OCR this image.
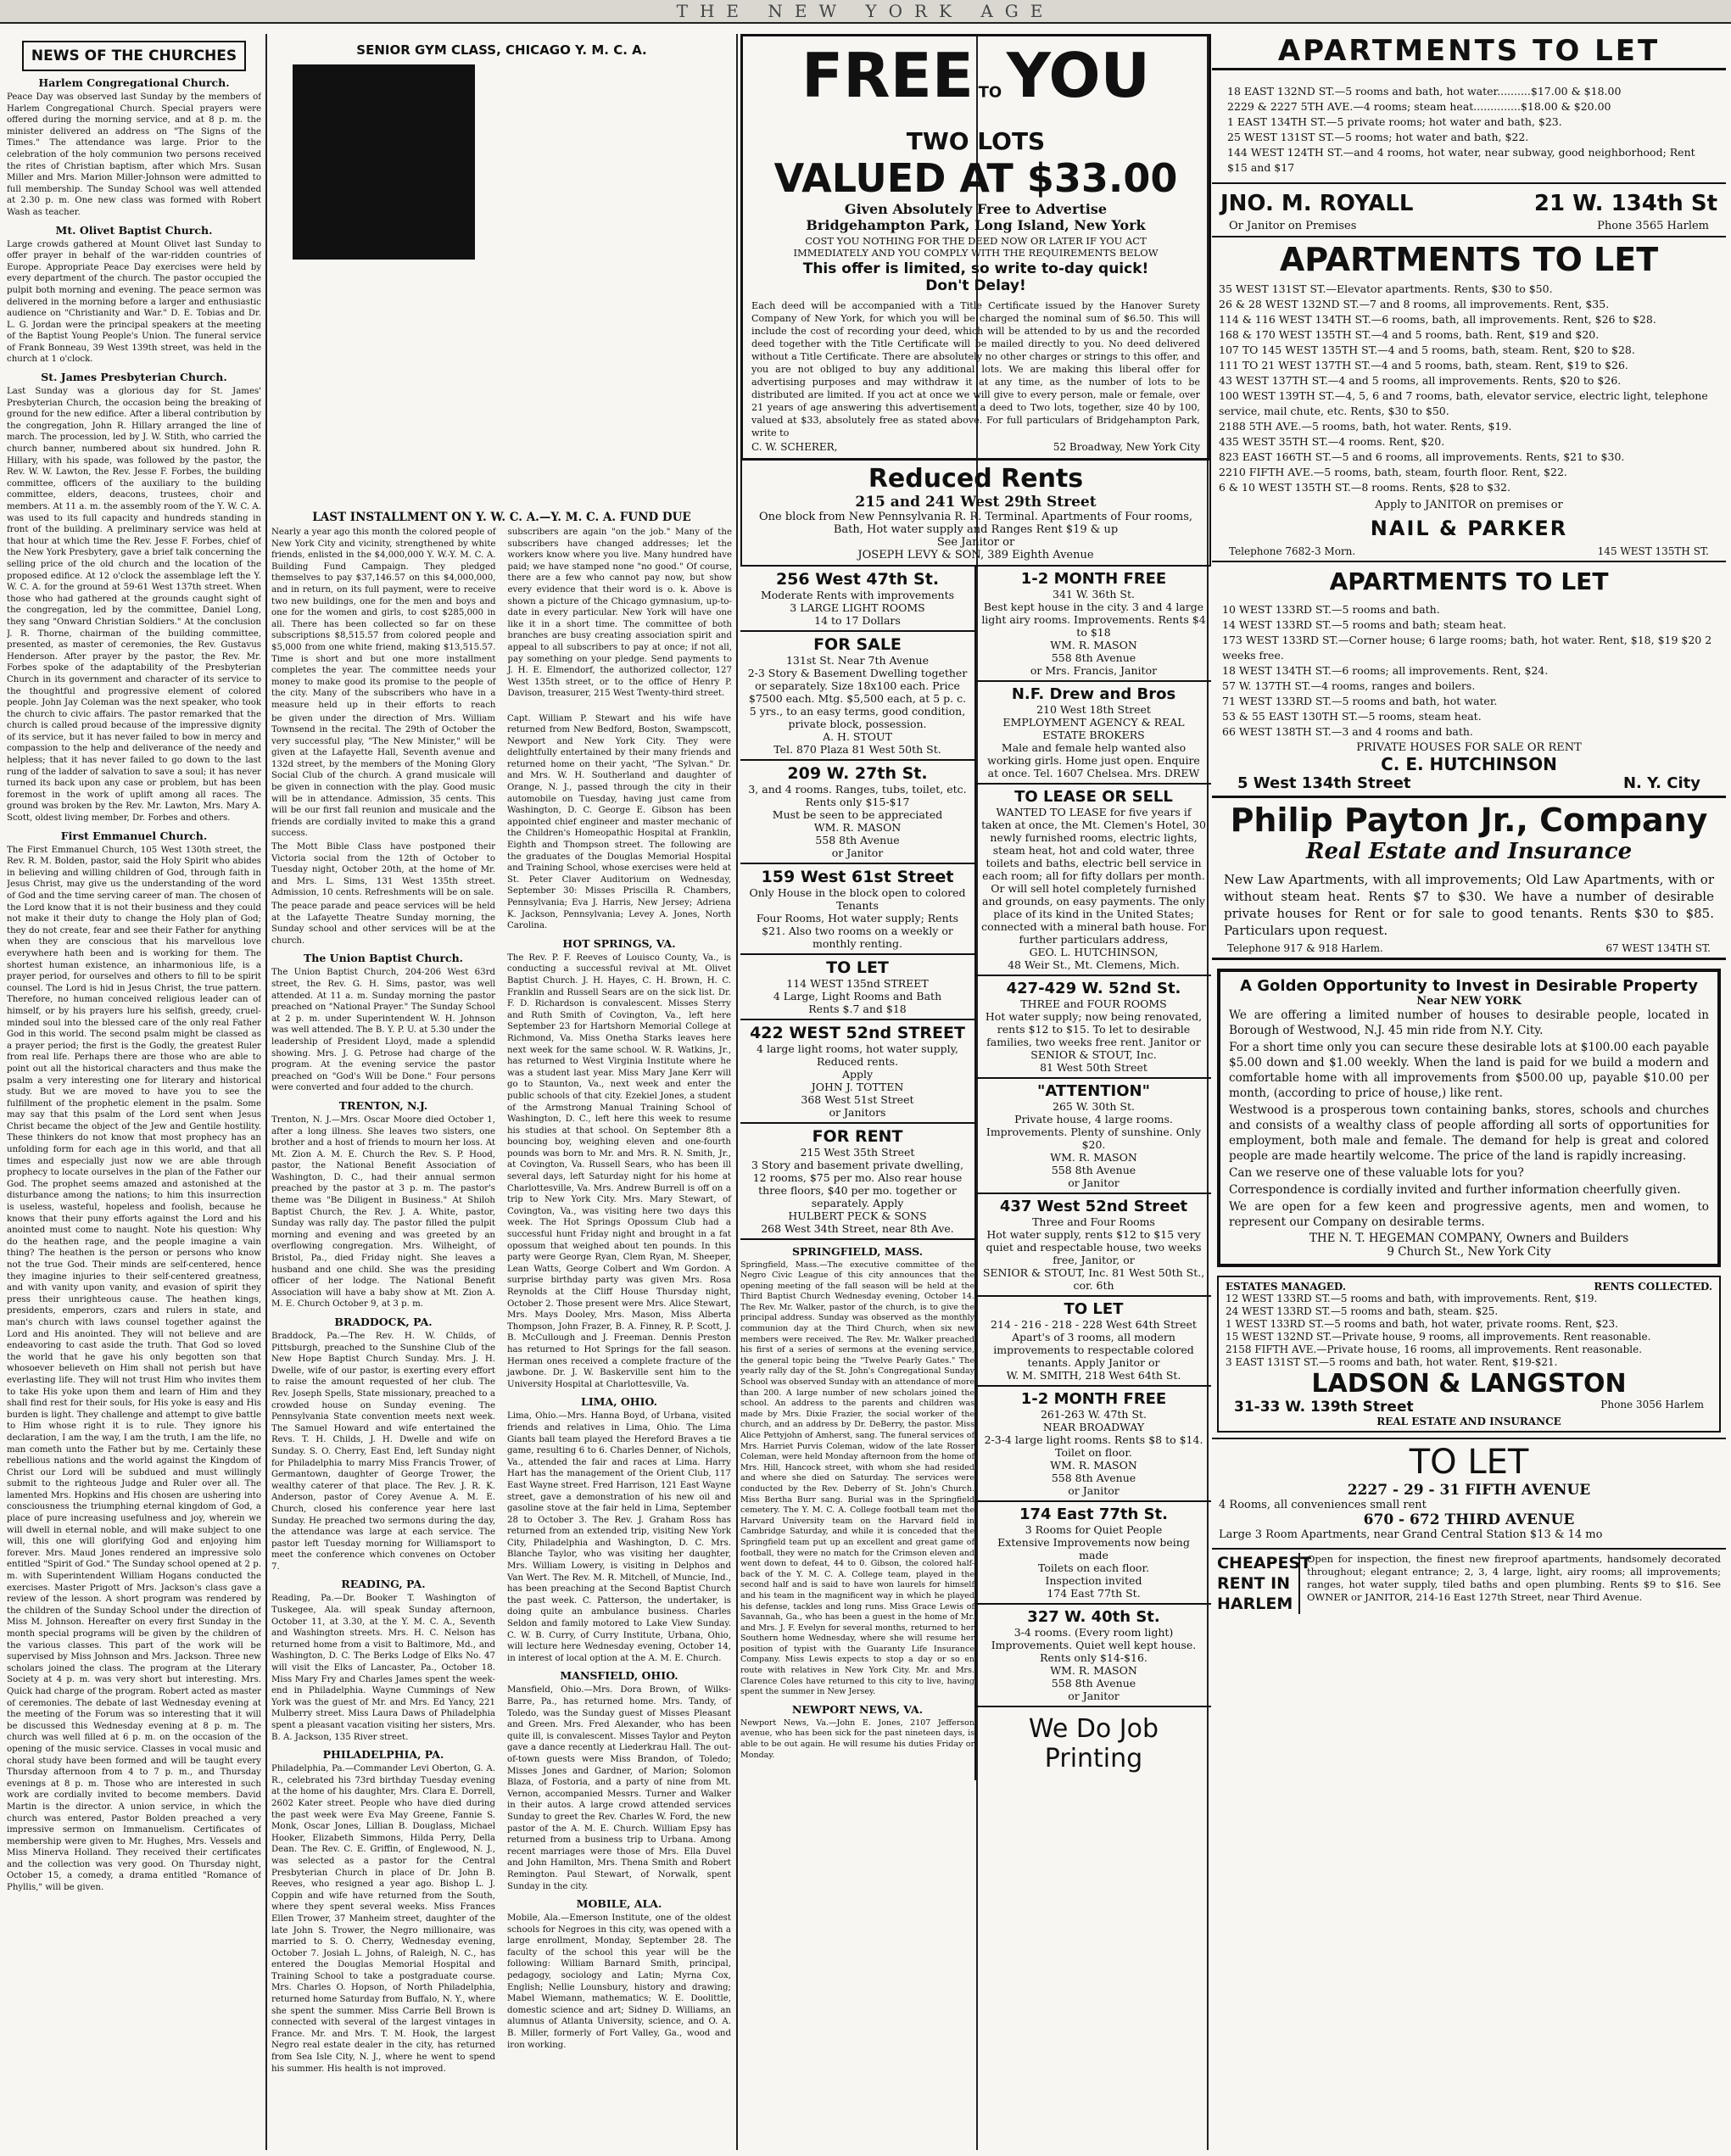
THE NEW YORK AGE
NEWS OF THE CHURCHES
Harlem Congregational Church.

Peace Day was observed last Sunday by the members of Harlem Congregational Church. Special prayers were offered during the morning service, and at 8 p. m. the minister delivered an address on "The Signs of the Times." The attendance was large. Prior to the celebration of the holy communion two persons received the rites of Christian baptism, after which Mrs. Susan Miller and Mrs. Marion Miller-Johnson were admitted to full membership. The Sunday School was well attended at 2.30 p. m. One new class was formed with Robert Wash as teacher.

Mt. Olivet Baptist Church.

Large crowds gathered at Mount Olivet last Sunday to offer prayer in behalf of the war-ridden countries of Europe. Appropriate Peace Day exercises were held by every department of the church. The pastor occupied the pulpit both morning and evening. The peace sermon was delivered in the morning before a larger and enthusiastic audience on "Christianity and War." D. E. Tobias and Dr. L. G. Jordan were the principal speakers at the meeting of the Baptist Young People's Union. The funeral service of Frank Bonneau, 39 West 139th street, was held in the church at 1 o'clock.

St. James Presbyterian Church.

Last Sunday was a glorious day for St. James' Presbyterian Church, the occasion being the breaking of ground for the new edifice. After a liberal contribution by the congregation, John R. Hillary arranged the line of march. The procession, led by J. W. Stith, who carried the church banner, numbered about six hundred. John R. Hillary, with his spade, was followed by the pastor, the Rev. W. W. Lawton, the Rev. Jesse F. Forbes, the building committee, officers of the auxiliary to the building committee, elders, deacons, trustees, choir and members. At 11 a. m. the assembly room of the Y. W. C. A. was used to its full capacity and hundreds standing in front of the building. A preliminary service was held at that hour at which time the Rev. Jesse F. Forbes, chief of the New York Presbytery, gave a brief talk concerning the selling price of the old church and the location of the proposed edifice. At 12 o'clock the assemblage left the Y. W. C. A. for the ground at 59-61 West 137th street. When those who had gathered at the grounds caught sight of the congregation, led by the committee, Daniel Long, they sang "Onward Christian Soldiers." At the conclusion J. R. Thorne, chairman of the building committee, presented, as master of ceremonies, the Rev. Gustavus Henderson. After prayer by the pastor, the Rev. Mr. Forbes spoke of the adaptability of the Presbyterian Church in its government and character of its service to the thoughtful and progressive element of colored people. John Jay Coleman was the next speaker, who took the church to civic affairs. The pastor remarked that the church is called proud because of the impressive dignity of its service, but it has never failed to bow in mercy and compassion to the help and deliverance of the needy and helpless; that it has never failed to go down to the last rung of the ladder of salvation to save a soul; it has never turned its back upon any case or problem, but has been foremost in the work of uplift among all races. The ground was broken by the Rev. Mr. Lawton, Mrs. Mary A. Scott, oldest living member, Dr. Forbes and others.

First Emmanuel Church.

The First Emmanuel Church, 105 West 130th street, the Rev. R. M. Bolden, pastor, said the Holy Spirit who abides in believing and willing children of God, through faith in Jesus Christ, may give us the understanding of the word of God and the time serving career of man. The chosen of the Lord know that it is not their business and they could not make it their duty to change the Holy plan of God; they do not create, fear and see their Father for anything when they are conscious that his marvellous love everywhere hath been and is working for them. The shortest human existence, an inharmonious life, is a prayer period, for ourselves and others to fill to be spirit counsel. The Lord is hid in Jesus Christ, the true pattern. Therefore, no human conceived religious leader can of himself, or by his prayers lure his selfish, greedy, cruel-minded soul into the blessed care of the only real Father God in this world. The second psalm might be classed as a prayer period; the first is the Godly, the greatest Ruler from real life. Perhaps there are those who are able to point out all the historical characters and thus make the psalm a very interesting one for literary and historical study. But we are moved to have you to see the fulfillment of the prophetic element in the psalm. Some may say that this psalm of the Lord sent when Jesus Christ became the object of the Jew and Gentile hostility. These thinkers do not know that most prophecy has an unfolding form for each age in this world, and that all times and especially just now we are able through prophecy to locate ourselves in the plan of the Father our God. The prophet seems amazed and astonished at the disturbance among the nations; to him this insurrection is useless, wasteful, hopeless and foolish, because he knows that their puny efforts against the Lord and his anointed must come to naught. Note his question: Why do the heathen rage, and the people imagine a vain thing? The heathen is the person or persons who know not the true God. Their minds are self-centered, hence they imagine injuries to their self-centered greatness, and with vanity upon vanity, and evasion of spirit they press their unrighteous cause. The heathen kings, presidents, emperors, czars and rulers in state, and man's church with laws counsel together against the Lord and His anointed. They will not believe and are endeavoring to cast aside the truth. That God so loved the world that he gave his only begotten son that whosoever believeth on Him shall not perish but have everlasting life. They will not trust Him who invites them to take His yoke upon them and learn of Him and they shall find rest for their souls, for His yoke is easy and His burden is light. They challenge and attempt to give battle to Him whose right it is to rule. They ignore his declaration, I am the way, I am the truth, I am the life, no man cometh unto the Father but by me. Certainly these rebellious nations and the world against the Kingdom of Christ our Lord will be subdued and must willingly submit to the righteous Judge and Ruler over all. The lamented Mrs. Hopkins and His chosen are ushering into consciousness the triumphing eternal kingdom of God, a place of pure increasing usefulness and joy, wherein we will dwell in eternal noble, and will make subject to one will, this one will glorifying God and enjoying him forever. Mrs. Maud Jones rendered an impressive solo entitled "Spirit of God." The Sunday school opened at 2 p. m. with Superintendent William Hogans conducted the exercises. Master Prigott of Mrs. Jackson's class gave a review of the lesson. A short program was rendered by the children of the Sunday School under the direction of Miss M. Johnson. Hereafter on every first Sunday in the month special programs will be given by the children of the various classes. This part of the work will be supervised by Miss Johnson and Mrs. Jackson. Three new scholars joined the class. The program at the Literary Society at 4 p. m. was very short but interesting. Mrs. Quick had charge of the program. Robert acted as master of ceremonies. The debate of last Wednesday evening at the meeting of the Forum was so interesting that it will be discussed this Wednesday evening at 8 p. m. The church was well filled at 6 p. m. on the occasion of the opening of the music service. Classes in vocal music and choral study have been formed and will be taught every Thursday afternoon from 4 to 7 p. m., and Thursday evenings at 8 p. m. Those who are interested in such work are cordially invited to become members. David Martin is the director. A union service, in which the church was entered, Pastor Bolden preached a very impressive sermon on Immanuelism. Certificates of membership were given to Mr. Hughes, Mrs. Vessels and Miss Minerva Holland. They received their certificates and the collection was very good. On Thursday night, October 15, a comedy, a drama entitled "Romance of Phyllis," will be given.

SENIOR GYM CLASS, CHICAGO Y. M. C. A.
LAST INSTALLMENT ON Y. W. C. A.—Y. M. C. A. FUND DUE

Nearly a year ago this month the colored people of New York City and vicinity, strengthened by white friends, enlisted in the $4,000,000 Y. W.-Y. M. C. A. Building Fund Campaign. They pledged themselves to pay $37,146.57 on this $4,000,000, and in return, on its full payment, were to receive two new buildings, one for the men and boys and one for the women and girls, to cost $285,000 in all. There has been collected so far on these subscriptions $8,515.57 from colored people and $5,000 from one white friend, making $13,515.57. Time is short and but one more installment completes the year. The committee needs your money to make good its promise to the people of the city. Many of the subscribers who have in a measure held up in their efforts to reach subscribers are again "on the job." Many of the subscribers have changed addresses; let the workers know where you live. Many hundred have paid; we have stamped none "no good." Of course, there are a few who cannot pay now, but show every evidence that their word is o. k. Above is shown a picture of the Chicago gymnasium, up-to-date in every particular. New York will have one like it in a short time. The committee of both branches are busy creating association spirit and appeal to all subscribers to pay at once; if not all, pay something on your pledge. Send payments to J. H. E. Elmendorf, the authorized collector, 127 West 135th street, or to the office of Henry P. Davison, treasurer, 215 West Twenty-third street.

be given under the direction of Mrs. William Townsend in the recital. The 29th of October the very successful play, "The New Minister," will be given at the Lafayette Hall, Seventh avenue and 132d street, by the members of the Moning Glory Social Club of the church. A grand musicale will be given in connection with the play. Good music will be in attendance. Admission, 35 cents. This will be our first fall reunion and musicale and the friends are cordially invited to make this a grand success.

The Mott Bible Class have postponed their Victoria social from the 12th of October to Tuesday night, October 20th, at the home of Mr. and Mrs. L. Sims, 131 West 135th street. Admission, 10 cents. Refreshments will be on sale.

The peace parade and peace services will be held at the Lafayette Theatre Sunday morning, the Sunday school and other services will be at the church.

The Union Baptist Church.

The Union Baptist Church, 204-206 West 63rd street, the Rev. G. H. Sims, pastor, was well attended. At 11 a. m. Sunday morning the pastor preached on "National Prayer." The Sunday School at 2 p. m. under Superintendent W. H. Johnson was well attended. The B. Y. P. U. at 5.30 under the leadership of President Lloyd, made a splendid showing. Mrs. J. G. Petrose had charge of the program. At the evening service the pastor preached on "God's Will be Done." Four persons were converted and four added to the church.

TRENTON, N.J.

Trenton, N. J.—Mrs. Oscar Moore died October 1, after a long illness. She leaves two sisters, one brother and a host of friends to mourn her loss. At Mt. Zion A. M. E. Church the Rev. S. P. Hood, pastor, the National Benefit Association of Washington, D. C., had their annual sermon preached by the pastor at 3 p. m. The pastor's theme was "Be Diligent in Business." At Shiloh Baptist Church, the Rev. J. A. White, pastor, Sunday was rally day. The pastor filled the pulpit morning and evening and was greeted by an overflowing congregation. Mrs. Wilheight, of Bristol, Pa., died Friday night. She leaves a husband and one child. She was the presiding officer of her lodge. The National Benefit Association will have a baby show at Mt. Zion A. M. E. Church October 9, at 3 p. m.

BRADDOCK, PA.

Braddock, Pa.—The Rev. H. W. Childs, of Pittsburgh, preached to the Sunshine Club of the New Hope Baptist Church Sunday. Mrs. J. H. Dwelle, wife of our pastor, is exerting every effort to raise the amount requested of her club. The Rev. Joseph Spells, State missionary, preached to a crowded house on Sunday evening. The Pennsylvania State convention meets next week. The Samuel Howard and wife entertained the Revs. T. H. Childs, J. H. Dwelle and wife on Sunday. S. O. Cherry, East End, left Sunday night for Philadelphia to marry Miss Francis Trower, of Germantown, daughter of George Trower, the wealthy caterer of that place. The Rev. J. R. K. Anderson, pastor of Corey Avenue A. M. E. Church, closed his conference year here last Sunday. He preached two sermons during the day, the attendance was large at each service. The pastor left Tuesday morning for Williamsport to meet the conference which convenes on October 7.

READING, PA.

Reading, Pa.—Dr. Booker T. Washington of Tuskegee, Ala. will speak Sunday afternoon, October 11, at 3.30, at the Y. M. C. A., Seventh and Washington streets. Mrs. H. C. Nelson has returned home from a visit to Baltimore, Md., and Washington, D. C. The Berks Lodge of Elks No. 47 will visit the Elks of Lancaster, Pa., October 18. Miss Mary Fry and Charles James spent the week-end in Philadelphia. Wayne Cummings of New York was the guest of Mr. and Mrs. Ed Yancy, 221 Mulberry street. Miss Laura Daws of Philadelphia spent a pleasant vacation visiting her sisters, Mrs. B. A. Jackson, 135 River street.

PHILADELPHIA, PA.

Philadelphia, Pa.—Commander Levi Oberton, G. A. R., celebrated his 73rd birthday Tuesday evening at the home of his daughter, Mrs. Clara E. Dorrell, 2602 Kater street. People who have died during the past week were Eva May Greene, Fannie S. Monk, Oscar Jones, Lillian B. Douglass, Michael Hooker, Elizabeth Simmons, Hilda Perry, Della Dean. The Rev. C. E. Griffin, of Englewood, N. J., was selected as a pastor for the Central Presbyterian Church in place of Dr. John B. Reeves, who resigned a year ago. Bishop L. J. Coppin and wife have returned from the South, where they spent several weeks. Miss Frances Ellen Trower, 37 Manheim street, daughter of the late John S. Trower, the Negro millionaire, was married to S. O. Cherry, Wednesday evening, October 7. Josiah L. Johns, of Raleigh, N. C., has entered the Douglas Memorial Hospital and Training School to take a postgraduate course. Mrs. Charles O. Hopson, of North Philadelphia, returned home Saturday from Buffalo, N. Y., where she spent the summer. Miss Carrie Bell Brown is connected with several of the largest vintages in France. Mr. and Mrs. T. M. Hook, the largest Negro real estate dealer in the city, has returned from Sea Isle City, N. J., where he went to spend his summer. His health is not improved.

Capt. William P. Stewart and his wife have returned from New Bedford, Boston, Swampscott, Newport and New York City. They were delightfully entertained by their many friends and returned home on their yacht, "The Sylvan." Dr. and Mrs. W. H. Southerland and daughter of Orange, N. J., passed through the city in their automobile on Tuesday, having just came from Washington, D. C. George E. Gibson has been appointed chief engineer and master mechanic of the Children's Homeopathic Hospital at Franklin, Eighth and Thompson street. The following are the graduates of the Douglas Memorial Hospital and Training School, whose exercises were held at St. Peter Claver Auditorium on Wednesday, September 30: Misses Priscilla R. Chambers, Pennsylvania; Eva J. Harris, New Jersey; Adriena K. Jackson, Pennsylvania; Levey A. Jones, North Carolina.

HOT SPRINGS, VA.

The Rev. P. F. Reeves of Louisco County, Va., is conducting a successful revival at Mt. Olivet Baptist Church. J. H. Hayes, C. H. Brown, H. C. Franklin and Russell Sears are on the sick list. Dr. F. D. Richardson is convalescent. Misses Sterry and Ruth Smith of Covington, Va., left here September 23 for Hartshorn Memorial College at Richmond, Va. Miss Onetha Starks leaves here next week for the same school. W. R. Watkins, Jr., has returned to West Virginia Institute where he was a student last year. Miss Mary Jane Kerr will go to Staunton, Va., next week and enter the public schools of that city. Ezekiel Jones, a student of the Armstrong Manual Training School of Washington, D. C., left here this week to resume his studies at that school. On September 8th a bouncing boy, weighing eleven and one-fourth pounds was born to Mr. and Mrs. R. N. Smith, Jr., at Covington, Va. Russell Sears, who has been ill several days, left Saturday night for his home at Charlottesville, Va. Mrs. Andrew Burrell is off on a trip to New York City. Mrs. Mary Stewart, of Covington, Va., was visiting here two days this week. The Hot Springs Opossum Club had a successful hunt Friday night and brought in a fat opossum that weighed about ten pounds. In this party were George Ryan, Clem Ryan, M. Sheeper, Lean Watts, George Colbert and Wm Gordon. A surprise birthday party was given Mrs. Rosa Reynolds at the Cliff House Thursday night, October 2. Those present were Mrs. Alice Stewart, Mrs. Mays Dooley, Mrs. Mason, Miss Alberta Thompson, John Frazer, B. A. Finney, R. P. Scott, J. B. McCullough and J. Freeman. Dennis Preston has returned to Hot Springs for the fall season. Herman ones received a complete fracture of the jawbone. Dr. J. W. Baskerville sent him to the University Hospital at Charlottesville, Va.

LIMA, OHIO.

Lima, Ohio.—Mrs. Hanna Boyd, of Urbana, visited friends and relatives in Lima, Ohio. The Lima Giants ball team played the Hereford Braves a tie game, resulting 6 to 6. Charles Denner, of Nichols, Va., attended the fair and races at Lima. Harry Hart has the management of the Orient Club, 117 East Wayne street. Fred Harrison, 121 East Wayne street, gave a demonstration of his new oil and gasoline stove at the fair held in Lima, September 28 to October 3. The Rev. J. Graham Ross has returned from an extended trip, visiting New York City, Philadelphia and Washington, D. C. Mrs. Blanche Taylor, who was visiting her daughter, Mrs. William Lowery, is visiting in Delphos and Van Wert. The Rev. M. R. Mitchell, of Muncie, Ind., has been preaching at the Second Baptist Church the past week. C. Patterson, the undertaker, is doing quite an ambulance business. Charles Seldon and family motored to Lake View Sunday. C. W. B. Curry, of Curry Institute, Urbana, Ohio, will lecture here Wednesday evening, October 14, in interest of local option at the A. M. E. Church.

MANSFIELD, OHIO.

Mansfield, Ohio.—Mrs. Dora Brown, of Wilks-Barre, Pa., has returned home. Mrs. Tandy, of Toledo, was the Sunday guest of Misses Pleasant and Green. Mrs. Fred Alexander, who has been quite ill, is convalescent. Misses Taylor and Peyton gave a dance recently at Liederkrau Hall. The out-of-town guests were Miss Brandon, of Toledo; Misses Jones and Gardner, of Marion; Solomon Blaza, of Fostoria, and a party of nine from Mt. Vernon, accompanied Messrs. Turner and Walker in their autos. A large crowd attended services Sunday to greet the Rev. Charles W. Ford, the new pastor of the A. M. E. Church. William Epsy has returned from a business trip to Urbana. Among recent marriages were those of Mrs. Ella Duvel and John Hamilton, Mrs. Thena Smith and Robert Remington. Paul Stewart, of Norwalk, spent Sunday in the city.

MOBILE, ALA.

Mobile, Ala.—Emerson Institute, one of the oldest schools for Negroes in this city, was opened with a large enrollment, Monday, September 28. The faculty of the school this year will be the following: William Barnard Smith, principal, pedagogy, sociology and Latin; Myrna Cox, English; Nellie Lounsbury, history and drawing; Mabel Wiemann, mathematics; W. E. Doolittle, domestic science and art; Sidney D. Williams, an alumnus of Atlanta University, science, and O. A. B. Miller, formerly of Fort Valley, Ga., wood and iron working.

FREE TO YOU
TWO LOTS
VALUED AT $33.00
Given Absolutely Free to Advertise
Bridgehampton Park, Long Island, New York
COST YOU NOTHING FOR THE DEED NOW OR LATER IF YOU ACT IMMEDIATELY AND YOU COMPLY WITH THE REQUIREMENTS BELOW
This offer is limited, so write to-day quick!
Don't Delay!

Each deed will be accompanied with a Title Certificate issued by the Hanover Surety Company of New York, for which you will be charged the nominal sum of $6.50. This will include the cost of recording your deed, which will be attended to by us and the recorded deed together with the Title Certificate will be mailed directly to you. No deed delivered without a Title Certificate. There are absolutely no other charges or strings to this offer, and you are not obliged to buy any additional lots. We are making this liberal offer for advertising purposes and may withdraw it at any time, as the number of lots to be distributed are limited. If you act at once we will give to every person, male or female, over 21 years of age answering this advertisement a deed to Two lots, together, size 40 by 100, valued at $33, absolutely free as stated above. For full particulars of Bridgehampton Park, write to

C. W. SCHERER,	52 Broadway, New York City
Reduced Rents
215 and 241 West 29th Street
One block from New Pennsylvania R. R. Terminal. Apartments of Four rooms, Bath, Hot water supply and Ranges Rent $19 & up
See Janitor or
JOSEPH LEVY & SON, 389 Eighth Avenue
256 West 47th St.
Moderate Rents with improvements
3 LARGE LIGHT ROOMS
14 to 17 Dollars
FOR SALE
131st St. Near 7th Avenue
2-3 Story & Basement Dwelling together or separately. Size 18x100 each. Price $7500 each. Mtg. $5,500 each, at 5 p. c. 5 yrs., to an easy terms, good condition, private block, possession.
A. H. STOUT
Tel. 870 Plaza 81 West 50th St.
209 W. 27th St.
3, and 4 rooms. Ranges, tubs, toilet, etc. Rents only $15-$17
Must be seen to be appreciated
WM. R. MASON
558 8th Avenue
or Janitor
159 West 61st Street
Only House in the block open to colored Tenants
Four Rooms, Hot water supply; Rents $21. Also two rooms on a weekly or monthly renting.
TO LET
114 WEST 135nd STREET
4 Large, Light Rooms and Bath
Rents $.7 and $18
422 WEST 52nd STREET
4 large light rooms, hot water supply, Reduced rents.
Apply
JOHN J. TOTTEN
368 West 51st Street
or Janitors
FOR RENT
215 West 35th Street
3 Story and basement private dwelling, 12 rooms, $75 per mo. Also rear house three floors, $40 per mo. together or separately. Apply
HULBERT PECK & SONS
268 West 34th Street, near 8th Ave.
SPRINGFIELD, MASS.

Springfield, Mass.—The executive committee of the Negro Civic League of this city announces that the opening meeting of the fall season will be held at the Third Baptist Church Wednesday evening, October 14. The Rev. Mr. Walker, pastor of the church, is to give the principal address. Sunday was observed as the monthly communion day at the Third Church, when six new members were received. The Rev. Mr. Walker preached his first of a series of sermons at the evening service, the general topic being the "Twelve Pearly Gates." The yearly rally day of the St. John's Congregational Sunday School was observed Sunday with an attendance of more than 200. A large number of new scholars joined the school. An address to the parents and children was made by Mrs. Dixie Frazier, the social worker of the church, and an address by Dr. DeBerry, the pastor. Miss Alice Pettyjohn of Amherst, sang. The funeral services of Mrs. Harriet Purvis Coleman, widow of the late Rosser Coleman, were held Monday afternoon from the home of Mrs. Hill, Hancock street, with whom she had resided and where she died on Saturday. The services were conducted by the Rev. Deberry of St. John's Church. Miss Bertha Burr sang. Burial was in the Springfield cemetery. The Y. M. C. A. College football team met the Harvard University team on the Harvard field in Cambridge Saturday, and while it is conceded that the Springfield team put up an excellent and great game of football, they were no match for the Crimson eleven and went down to defeat, 44 to 0. Gibson, the colored half-back of the Y. M. C. A. College team, played in the second half and is said to have won laurels for himself and his team in the magnificent way in which he played his defense, tackles and long runs. Miss Grace Lewis of Savannah, Ga., who has been a guest in the home of Mr. and Mrs. J. F. Evelyn for several months, returned to her Southern home Wednesday, where she will resume her position of typist with the Guaranty Life Insurance Company. Miss Lewis expects to stop a day or so en route with relatives in New York City. Mr. and Mrs. Clarence Coles have returned to this city to live, having spent the summer in New Jersey.

NEWPORT NEWS, VA.

Newport News, Va.—John E. Jones, 2107 Jefferson avenue, who has been sick for the past nineteen days, is able to be out again. He will resume his duties Friday or Monday.

1-2 MONTH FREE
341 W. 36th St.
Best kept house in the city. 3 and 4 large light airy rooms. Improvements. Rents $4 to $18
WM. R. MASON
558 8th Avenue
or Mrs. Francis, Janitor
N.F. Drew and Bros
210 West 18th Street
EMPLOYMENT AGENCY & REAL ESTATE BROKERS
Male and female help wanted also working girls. Home just open. Enquire at once. Tel. 1607 Chelsea. Mrs. DREW
TO LEASE OR SELL
WANTED TO LEASE for five years if taken at once, the Mt. Clemen's Hotel, 30 newly furnished rooms, electric lights, steam heat, hot and cold water, three toilets and baths, electric bell service in each room; all for fifty dollars per month. Or will sell hotel completely furnished and grounds, on easy payments. The only place of its kind in the United States; connected with a mineral bath house. For further particulars address,
GEO. L. HUTCHINSON,
48 Weir St., Mt. Clemens, Mich.
427-429 W. 52nd St.
THREE and FOUR ROOMS
Hot water supply; now being renovated, rents $12 to $15. To let to desirable families, two weeks free rent. Janitor or
SENIOR & STOUT, Inc.
81 West 50th Street
"ATTENTION"
265 W. 30th St.
Private house, 4 large rooms. Improvements. Plenty of sunshine. Only $20.
WM. R. MASON
558 8th Avenue
or Janitor
437 West 52nd Street
Three and Four Rooms
Hot water supply, rents $12 to $15 very quiet and respectable house, two weeks free, Janitor, or
SENIOR & STOUT, Inc. 81 West 50th St., cor. 6th
TO LET
214 - 216 - 218 - 228 West 64th Street
Apart's of 3 rooms, all modern improvements to respectable colored tenants. Apply Janitor or
W. M. SMITH, 218 West 64th St.
1-2 MONTH FREE
261-263 W. 47th St.
NEAR BROADWAY
2-3-4 large light rooms. Rents $8 to $14. Toilet on floor.
WM. R. MASON
558 8th Avenue
or Janitor
174 East 77th St.
3 Rooms for Quiet People
Extensive Improvements now being made
Toilets on each floor.
Inspection invited
174 East 77th St.
327 W. 40th St.
3-4 rooms. (Every room light) Improvements. Quiet well kept house. Rents only $14-$16.
WM. R. MASON
558 8th Avenue
or Janitor
We Do Job Printing
APARTMENTS TO LET
18 EAST 132ND ST.—5 rooms and bath, hot water..........$17.00 & $18.00
2229 & 2227 5TH AVE.—4 rooms; steam heat..............$18.00 & $20.00
1 EAST 134TH ST.—5 private rooms; hot water and bath, $23.
25 WEST 131ST ST.—5 rooms; hot water and bath, $22.
144 WEST 124TH ST.—and 4 rooms, hot water, near subway, good neighborhood; Rent $15 and $17
JNO. M. ROYALL	21 W. 134th St
Or Janitor on Premises	Phone 3565 Harlem
APARTMENTS TO LET
35 WEST 131ST ST.—Elevator apartments. Rents, $30 to $50.
26 & 28 WEST 132ND ST.—7 and 8 rooms, all improvements. Rent, $35.
114 & 116 WEST 134TH ST.—6 rooms, bath, all improvements. Rent, $26 to $28.
168 & 170 WEST 135TH ST.—4 and 5 rooms, bath. Rent, $19 and $20.
107 TO 145 WEST 135TH ST.—4 and 5 rooms, bath, steam. Rent, $20 to $28.
111 TO 21 WEST 137TH ST.—4 and 5 rooms, bath, steam. Rent, $19 to $26.
43 WEST 137TH ST.—4 and 5 rooms, all improvements. Rents, $20 to $26.
100 WEST 139TH ST.—4, 5, 6 and 7 rooms, bath, elevator service, electric light, telephone service, mail chute, etc. Rents, $30 to $50.
2188 5TH AVE.—5 rooms, bath, hot water. Rents, $19.
435 WEST 35TH ST.—4 rooms. Rent, $20.
823 EAST 166TH ST.—5 and 6 rooms, all improvements. Rents, $21 to $30.
2210 FIFTH AVE.—5 rooms, bath, steam, fourth floor. Rent, $22.
6 & 10 WEST 135TH ST.—8 rooms. Rents, $28 to $32.
Apply to JANITOR on premises or
NAIL & PARKER
Telephone 7682-3 Morn.	145 WEST 135TH ST.
APARTMENTS TO LET
10 WEST 133RD ST.—5 rooms and bath.
14 WEST 133RD ST.—5 rooms and bath; steam heat.
173 WEST 133RD ST.—Corner house; 6 large rooms; bath, hot water. Rent, $18, $19 $20 2 weeks free.
18 WEST 134TH ST.—6 rooms; all improvements. Rent, $24.
57 W. 137TH ST.—4 rooms, ranges and boilers.
71 WEST 133RD ST.—5 rooms and bath, hot water.
53 & 55 EAST 130TH ST.—5 rooms, steam heat.
66 WEST 138TH ST.—3 and 4 rooms and bath.
PRIVATE HOUSES FOR SALE OR RENT
C. E. HUTCHINSON
5 West 134th Street	N. Y. City
Philip Payton Jr., Company
Real Estate and Insurance

New Law Apartments, with all improvements; Old Law Apartments, with or without steam heat. Rents $7 to $30. We have a number of desirable private houses for Rent or for sale to good tenants. Rents $30 to $85. Particulars upon request.

Telephone 917 & 918 Harlem.	67 WEST 134TH ST.
A Golden Opportunity to Invest in Desirable Property
Near NEW YORK

We are offering a limited number of houses to desirable people, located in Borough of Westwood, N.J. 45 min ride from N.Y. City.

For a short time only you can secure these desirable lots at $100.00 each payable $5.00 down and $1.00 weekly. When the land is paid for we build a modern and comfortable home with all improvements from $500.00 up, payable $10.00 per month, (according to price of house,) like rent.

Westwood is a prosperous town containing banks, stores, schools and churches and consists of a wealthy class of people affording all sorts of opportunities for employment, both male and female. The demand for help is great and colored people are made heartily welcome. The price of the land is rapidly increasing.

Can we reserve one of these valuable lots for you?

Correspondence is cordially invited and further information cheerfully given.

We are open for a few keen and progressive agents, men and women, to represent our Company on desirable terms.

THE N. T. HEGEMAN COMPANY, Owners and Builders
9 Church St., New York City
ESTATES MANAGED.	RENTS COLLECTED.
12 WEST 133RD ST.—5 rooms and bath, with improvements. Rent, $19.
24 WEST 133RD ST.—5 rooms and bath, steam. $25.
1 WEST 133RD ST.—5 rooms and bath, hot water, private rooms. Rent, $23.
15 WEST 132ND ST.—Private house, 9 rooms, all improvements. Rent reasonable.
2158 FIFTH AVE.—Private house, 16 rooms, all improvements. Rent reasonable.
3 EAST 131ST ST.—5 rooms and bath, hot water. Rent, $19-$21.
LADSON & LANGSTON
31-33 W. 139th Street	Phone 3056 Harlem
REAL ESTATE AND INSURANCE
TO LET
2227 - 29 - 31 FIFTH AVENUE
4 Rooms, all conveniences small rent
670 - 672 THIRD AVENUE
Large 3 Room Apartments, near Grand Central Station $13 & 14 mo
CHEAPEST RENT IN HARLEM
Open for inspection, the finest new fireproof apartments, handsomely decorated throughout; elegant entrance; 2, 3, 4 large, light, airy rooms; all improvements; ranges, hot water supply, tiled baths and open plumbing. Rents $9 to $16. See OWNER or JANITOR, 214-16 East 127th Street, near Third Avenue.
